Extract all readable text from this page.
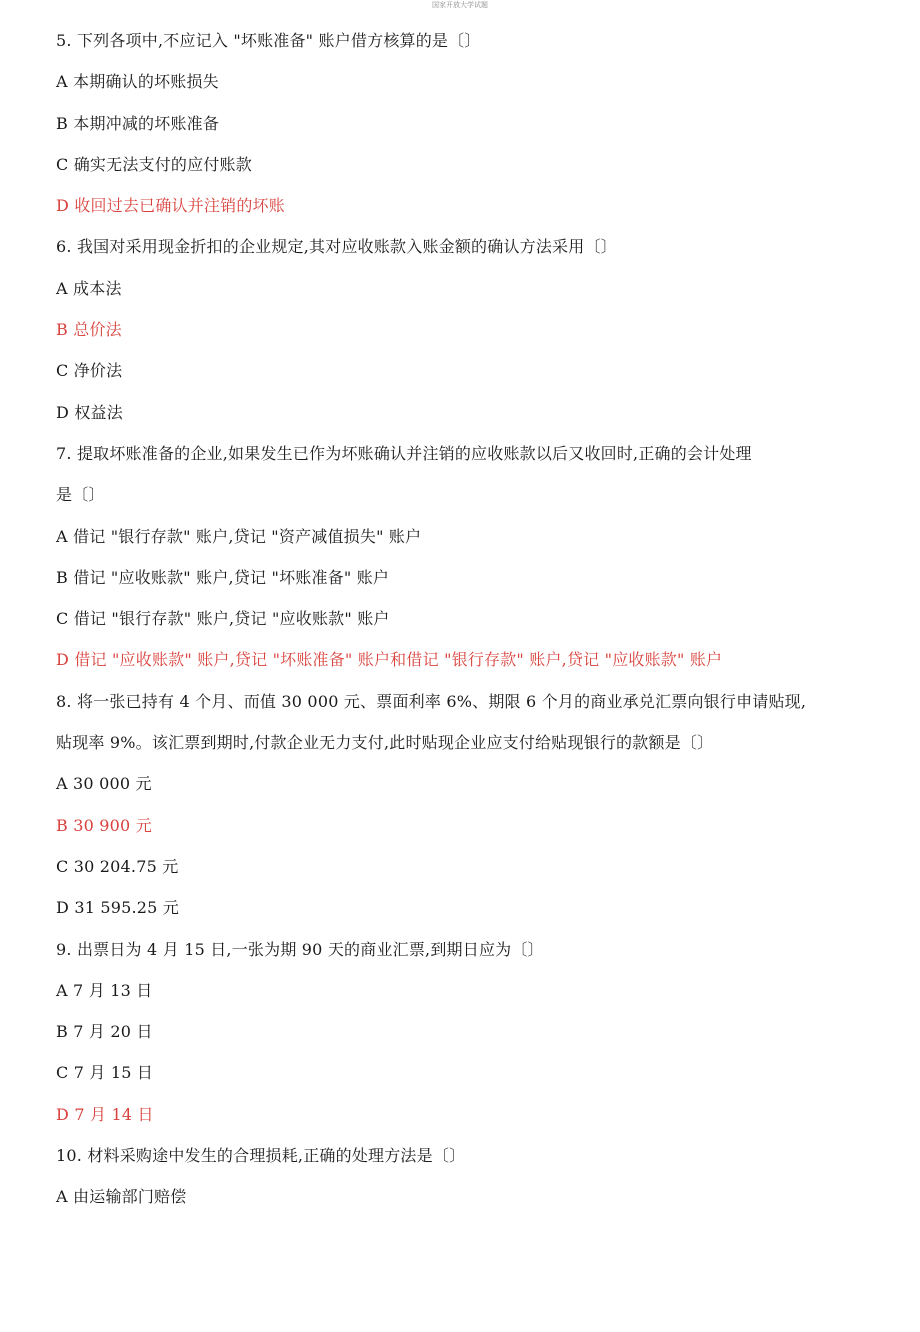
国家开放大学试题
5. 下列各项中,不应记入 "坏账准备" 账户借方核算的是〔〕
A 本期确认的坏账损失
B 本期冲减的坏账准备
C 确实无法支付的应付账款
D 收回过去已确认并注销的坏账
6. 我国对采用现金折扣的企业规定,其对应收账款入账金额的确认方法采用〔〕
A 成本法
B 总价法
C 净价法
D 权益法
7. 提取坏账准备的企业,如果发生已作为坏账确认并注销的应收账款以后又收回时,正确的会计处理
是〔〕
A 借记 "银行存款" 账户,贷记 "资产减值损失" 账户
B 借记 "应收账款" 账户,贷记 "坏账准备" 账户
C 借记 "银行存款" 账户,贷记 "应收账款" 账户
D 借记 "应收账款" 账户,贷记 "坏账准备" 账户和借记 "银行存款" 账户,贷记 "应收账款" 账户
8. 将一张已持有 4 个月、而值 30 000 元、票面利率 6%、期限 6 个月的商业承兑汇票向银行申请贴现,
贴现率 9%。该汇票到期时,付款企业无力支付,此时贴现企业应支付给贴现银行的款额是〔〕
A 30 000 元
B 30 900 元
C 30 204.75 元
D 31 595.25 元
9. 出票日为 4 月 15 日,一张为期 90 天的商业汇票,到期日应为〔〕
A 7 月 13 日
B 7 月 20 日
C 7 月 15 日
D 7 月 14 日
10. 材料采购途中发生的合理损耗,正确的处理方法是〔〕
A 由运输部门赔偿
